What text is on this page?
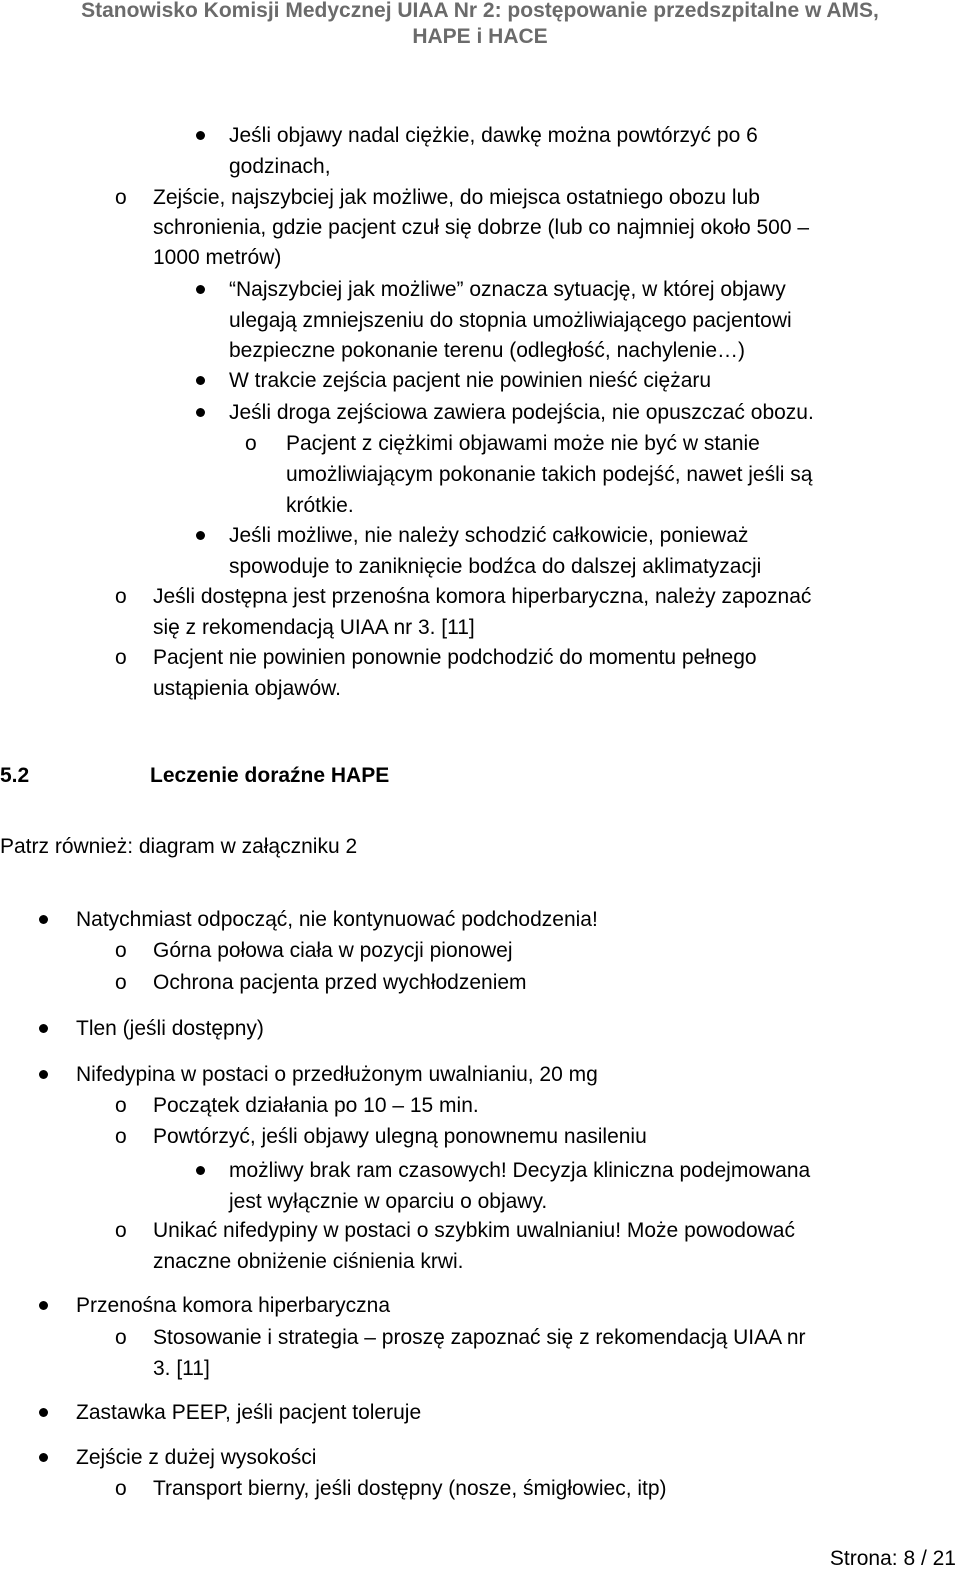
Stanowisko Komisji Medycznej UIAA Nr 2: postępowanie przedszpitalne w AMS,
HAPE i HACE
Jeśli objawy nadal ciężkie, dawkę można powtórzyć po 6
godzinach,
o Zejście, najszybciej jak możliwe, do miejsca ostatniego obozu lub
schronienia, gdzie pacjent czuł się dobrze (lub co najmniej około 500 –
1000 metrów)
“Najszybciej jak możliwe” oznacza sytuację, w której objawy
ulegają zmniejszeniu do stopnia umożliwiającego pacjentowi
bezpieczne pokonanie terenu (odległość, nachylenie…)
W trakcie zejścia pacjent nie powinien nieść ciężaru
Jeśli droga zejściowa zawiera podejścia, nie opuszczać obozu.
o Pacjent z ciężkimi objawami może nie być w stanie
umożliwiającym pokonanie takich podejść, nawet jeśli są
krótkie.
Jeśli możliwe, nie należy schodzić całkowicie, ponieważ
spowoduje to zaniknięcie bodźca do dalszej aklimatyzacji
o Jeśli dostępna jest przenośna komora hiperbaryczna, należy zapoznać
się z rekomendacją UIAA nr 3. [11]
o Pacjent nie powinien ponownie podchodzić do momentu pełnego
ustąpienia objawów.
5.2	Leczenie doraźne HAPE
Patrz również: diagram w załączniku 2
Natychmiast odpocząć, nie kontynuować podchodzenia!
o Górna połowa ciała w pozycji pionowej
o Ochrona pacjenta przed wychłodzeniem
Tlen (jeśli dostępny)
Nifedypina w postaci o przedłużonym uwalnianiu, 20 mg
o Początek działania po 10 – 15 min.
o Powtórzyć, jeśli objawy ulegną ponownemu nasileniu
możliwy brak ram czasowych! Decyzja kliniczna podejmowana
jest wyłącznie w oparciu o objawy.
o Unikać nifedypiny w postaci o szybkim uwalnianiu! Może powodować
znaczne obniżenie ciśnienia krwi.
Przenośna komora hiperbaryczna
o Stosowanie i strategia – proszę zapoznać się z rekomendacją UIAA nr
3. [11]
Zastawka PEEP, jeśli pacjent toleruje
Zejście z dużej wysokości
o Transport bierny, jeśli dostępny (nosze, śmigłowiec, itp)
Strona: 8 / 21
